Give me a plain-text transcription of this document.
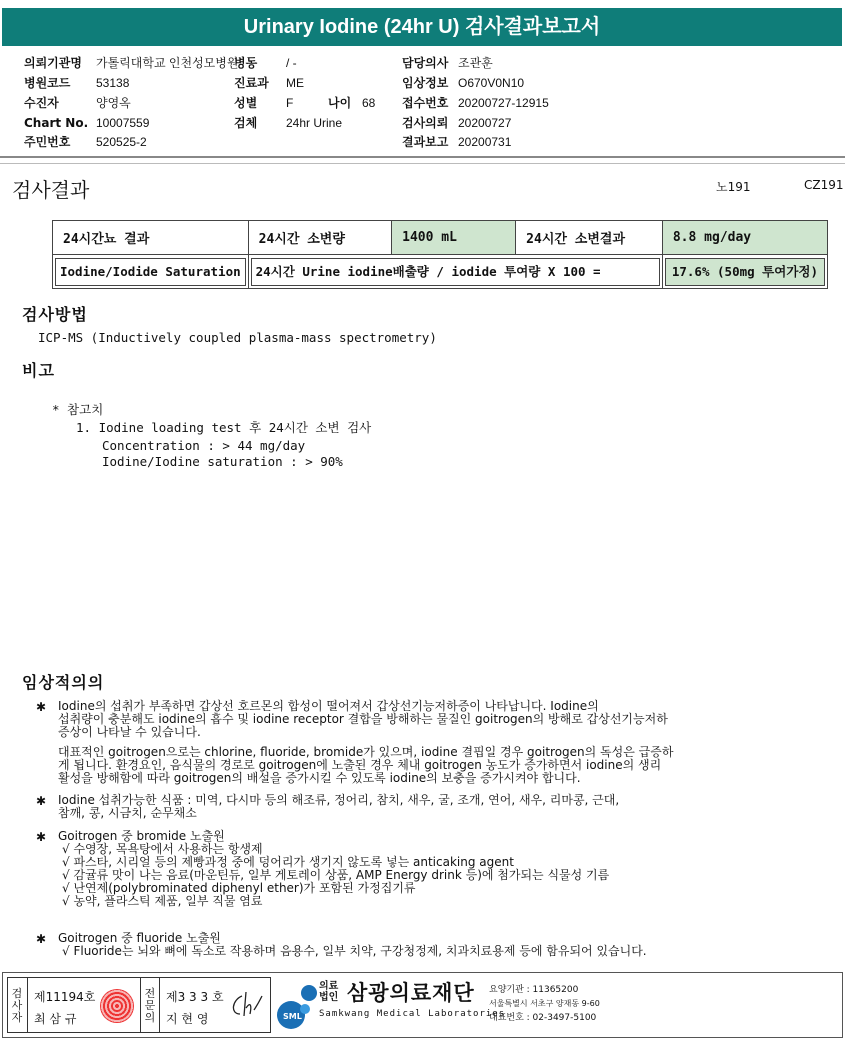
Urinary Iodine (24hr U) 검사결과보고서
의뢰기관명 가톨릭대학교 인천성모병원
병동 / -	담당의사 조관훈
병원코드 53138	진료과 ME	임상정보 O670V0N10
수진자	양영옥	성별 F	나이 68 접수번호 20200727-12915
Chart No. 10007559	검체 24hr Urine	검사의뢰 20200727
주민번호 520525-2	결과보고 20200731
검사결과	노191	CZ191
24시간뇨 결과	24시간 소변량	1400 mL	24시간 소변결과	8.8 mg/day

Iodine/Iodide Saturation	24시간 Urine iodine배출량 / iodide 투여량 X 100 =			17.6% (50mg 투여가정)
검사방법
ICP-MS (Inductively coupled plasma-mass spectrometry)
비고
* 참고치
1. Iodine loading test 후 24시간 소변 검사
Concentration : > 44 mg/day
Iodine/Iodine saturation : > 90%
임상적의의
✱ Iodine의 섭취가 부족하면 갑상선 호르몬의 합성이 떨어져서 갑상선기능저하증이 나타납니다. Iodine의
섭취량이 충분해도 iodine의 흡수 및 iodine receptor 결합을 방해하는 물질인 goitrogen의 방해로 갑상선기능저하
증상이 나타날 수 있습니다.
대표적인 goitrogen으로는 chlorine, fluoride, bromide가 있으며, iodine 결핍일 경우 goitrogen의 독성은 급증하
게 됩니다. 환경요인, 음식물의 경로로 goitrogen에 노출된 경우 체내 goitrogen 농도가 증가하면서 iodine의 생리
활성을 방해함에 따라 goitrogen의 배설을 증가시킬 수 있도록 iodine의 보충을 증가시켜야 합니다.
✱ Iodine 섭취가능한 식품 : 미역, 다시마 등의 해조류, 정어리, 참치, 새우, 굴, 조개, 연어, 새우, 리마콩, 근대,
참깨, 콩, 시금치, 순무채소
✱ Goitrogen 중 bromide 노출원
√ 수영장, 목욕탕에서 사용하는 항생제
√ 파스타, 시리얼 등의 제빵과정 중에 덩어리가 생기지 않도록 넣는 anticaking agent
√ 감귤류 맛이 나는 음료(마운틴듀, 일부 게토레이 상품, AMP Energy drink 등)에 첨가되는 식물성 기름
√ 난연제(polybrominated diphenyl ether)가 포함된 가정집기류
√ 농약, 플라스틱 제품, 일부 직물 염료
✱ Goitrogen 중 fluoride 노출원
√ Fluoride는 뇌와 뼈에 독소로 작용하며 음용수, 일부 치약, 구강청정제, 치과치료용제 등에 함유되어 있습니다.
검
사
자
제11194호
최 삼 규
전
문
의
제3 3 3 호
지 현 영	SML
의료
법인 삼광의료재단
Samkwang Medical Laboratories
요양기관 : 11365200
서울특별시 서초구 양재동 9-60
대표번호 : 02-3497-5100
